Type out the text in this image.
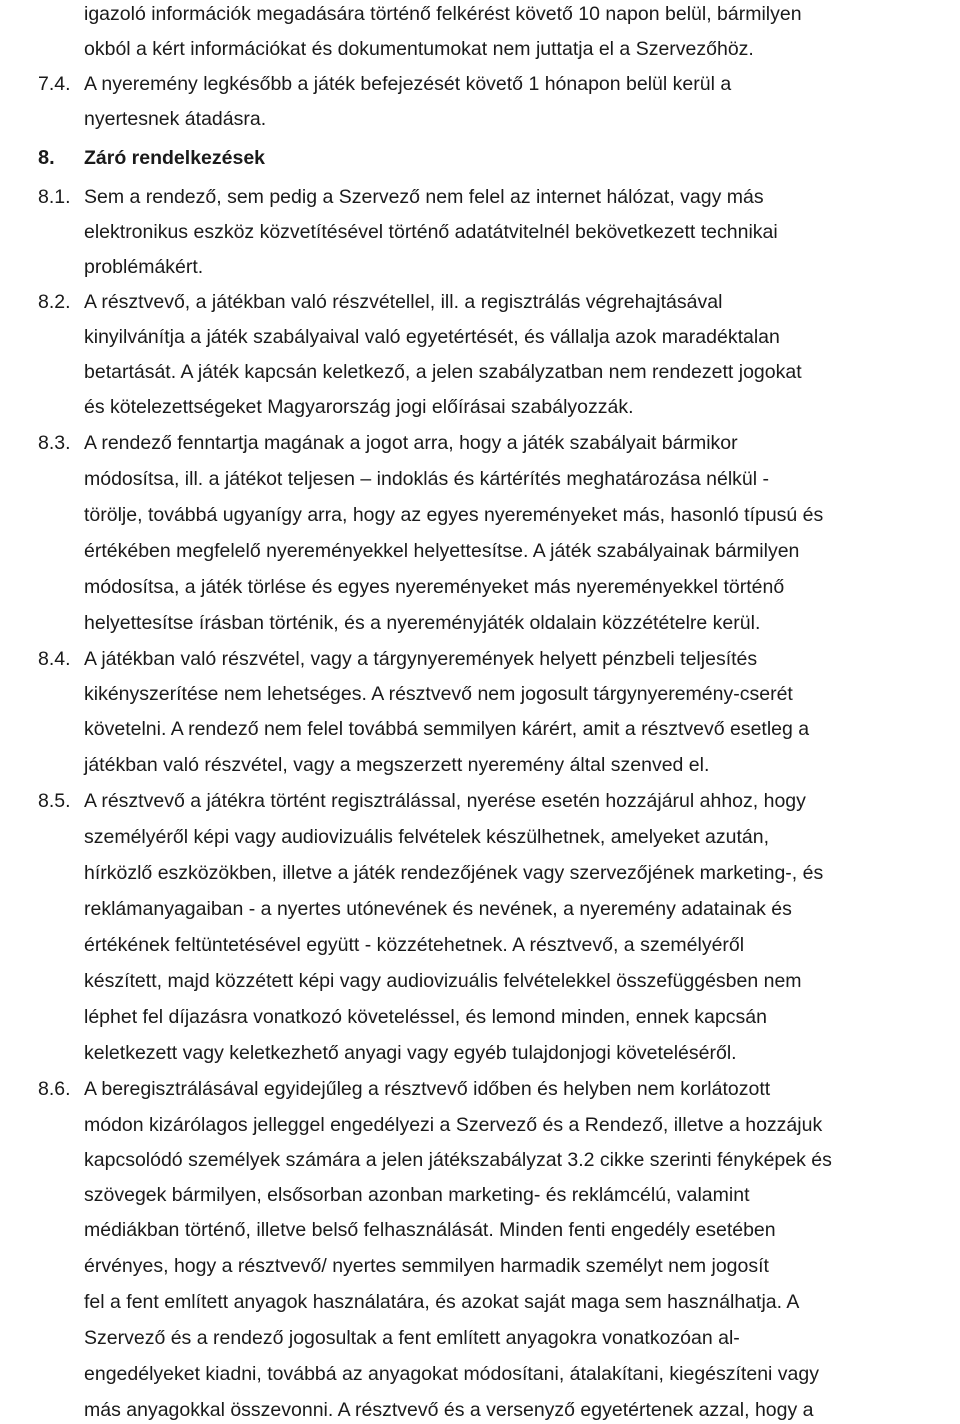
igazoló információk megadására történő felkérést követő 10 napon belül, bármilyen
okból a kért információkat és dokumentumokat nem juttatja el a Szervezőhöz.
7.4. A nyeremény legkésőbb a játék befejezését követő 1 hónapon belül kerül a
nyertesnek átadásra.
8. Záró rendelkezések
8.1. Sem a rendező, sem pedig a Szervező nem felel az internet hálózat, vagy más
elektronikus eszköz közvetítésével történő adatátvitelnél bekövetkezett technikai
problémákért.
8.2. A résztvevő, a játékban való részvétellel, ill. a regisztrálás végrehajtásával
kinyilvánítja a játék szabályaival való egyetértését, és vállalja azok maradéktalan
betartását. A játék kapcsán keletkező, a jelen szabályzatban nem rendezett jogokat
és kötelezettségeket Magyarország jogi előírásai szabályozzák.
8.3. A rendező fenntartja magának a jogot arra, hogy a játék szabályait bármikor
módosítsa, ill. a játékot teljesen – indoklás és kártérítés meghatározása nélkül -
törölje, továbbá ugyanígy arra, hogy az egyes nyereményeket más, hasonló típusú és
értékében megfelelő nyereményekkel helyettesítse. A játék szabályainak bármilyen
módosítsa, a játék törlése és egyes nyereményeket más nyereményekkel történő
helyettesítse írásban történik, és a nyereményjáték oldalain közzétételre kerül.
8.4. A játékban való részvétel, vagy a tárgynyeremények helyett pénzbeli teljesítés
kikényszerítése nem lehetséges. A résztvevő nem jogosult tárgynyeremény-cserét
követelni. A rendező nem felel továbbá semmilyen kárért, amit a résztvevő esetleg a
játékban való részvétel, vagy a megszerzett nyeremény által szenved el.
8.5. A résztvevő a játékra történt regisztrálással, nyerése esetén hozzájárul ahhoz, hogy
személyéről képi vagy audiovizuális felvételek készülhetnek, amelyeket azután,
hírközlő eszközökben, illetve a játék rendezőjének vagy szervezőjének marketing-, és
reklámanyagaiban - a nyertes utónevének és nevének, a nyeremény adatainak és
értékének feltüntetésével együtt - közzétehetnek. A résztvevő, a személyéről
készített, majd közzétett képi vagy audiovizuális felvételekkel összefüggésben nem
léphet fel díjazásra vonatkozó követeléssel, és lemond minden, ennek kapcsán
keletkezett vagy keletkezhető anyagi vagy egyéb tulajdonjogi követeléséről.
8.6. A beregisztrálásával egyidejűleg a résztvevő időben és helyben nem korlátozott
módon kizárólagos jelleggel engedélyezi a Szervező és a Rendező, illetve a hozzájuk
kapcsolódó személyek számára a jelen játékszabályzat 3.2 cikke szerinti fényképek és
szövegek bármilyen, elsősorban azonban marketing- és reklámcélú, valamint
médiákban történő, illetve belső felhasználását. Minden fenti engedély esetében
érvényes, hogy a résztvevő/ nyertes semmilyen harmadik személyt nem jogosít
fel a fent említett anyagok használatára, és azokat saját maga sem használhatja. A
Szervező és a rendező jogosultak a fent említett anyagokra vonatkozóan al-
engedélyeket kiadni, továbbá az anyagokat módosítani, átalakítani, kiegészíteni vagy
más anyagokkal összevonni. A résztvevő és a versenyző egyetértenek azzal, hogy a
